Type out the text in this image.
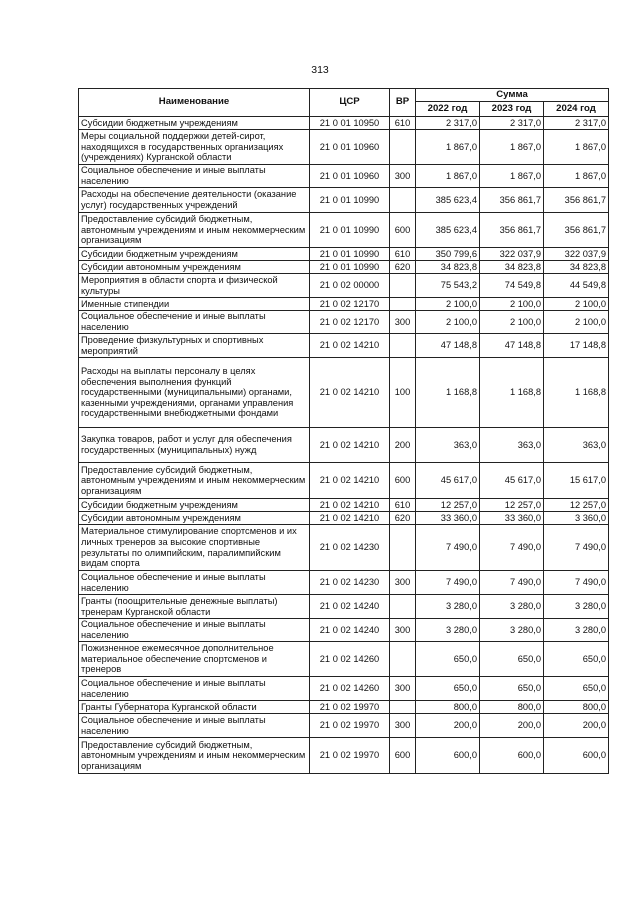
313
Наименование	ЦСР	ВР	Сумма		
			2022 год	2023 год	2024 год
Субсидии бюджетным учреждениям	21 0 01 10950	610	2 317,0	2 317,0	2 317,0
Меры социальной поддержки детей-сирот, находящихся в государственных организациях (учреждениях) Курганской области	21 0 01 10960		1 867,0	1 867,0	1 867,0
Социальное обеспечение и иные выплаты населению	21 0 01 10960	300	1 867,0	1 867,0	1 867,0
Расходы на обеспечение деятельности (оказание услуг) государственных учреждений	21 0 01 10990		385 623,4	356 861,7	356 861,7
Предоставление субсидий бюджетным, автономным учреждениям и иным некоммерческим организациям	21 0 01 10990	600	385 623,4	356 861,7	356 861,7
Субсидии бюджетным учреждениям	21 0 01 10990	610	350 799,6	322 037,9	322 037,9
Субсидии автономным учреждениям	21 0 01 10990	620	34 823,8	34 823,8	34 823,8
Мероприятия в области спорта и физической культуры	21 0 02 00000		75 543,2	74 549,8	44 549,8
Именные стипендии	21 0 02 12170		2 100,0	2 100,0	2 100,0
Социальное обеспечение и иные выплаты населению	21 0 02 12170	300	2 100,0	2 100,0	2 100,0
Проведение физкультурных и спортивных мероприятий	21 0 02 14210		47 148,8	47 148,8	17 148,8
Расходы на выплаты персоналу в целях обеспечения выполнения функций государственными (муниципальными) органами, казенными учреждениями, органами управления государственными внебюджетными фондами	21 0 02 14210	100	1 168,8	1 168,8	1 168,8
Закупка товаров, работ и услуг для обеспечения государственных (муниципальных) нужд	21 0 02 14210	200	363,0	363,0	363,0
Предоставление субсидий бюджетным, автономным учреждениям и иным некоммерческим организациям	21 0 02 14210	600	45 617,0	45 617,0	15 617,0
Субсидии бюджетным учреждениям	21 0 02 14210	610	12 257,0	12 257,0	12 257,0
Субсидии автономным учреждениям	21 0 02 14210	620	33 360,0	33 360,0	3 360,0
Материальное стимулирование спортсменов и их личных тренеров за высокие спортивные результаты по олимпийским, паралимпийским видам спорта	21 0 02 14230		7 490,0	7 490,0	7 490,0
Социальное обеспечение и иные выплаты населению	21 0 02 14230	300	7 490,0	7 490,0	7 490,0
Гранты (поощрительные денежные выплаты) тренерам Курганской области	21 0 02 14240		3 280,0	3 280,0	3 280,0
Социальное обеспечение и иные выплаты населению	21 0 02 14240	300	3 280,0	3 280,0	3 280,0
Пожизненное ежемесячное дополнительное материальное обеспечение спортсменов и тренеров	21 0 02 14260		650,0	650,0	650,0
Социальное обеспечение и иные выплаты населению	21 0 02 14260	300	650,0	650,0	650,0
Гранты Губернатора Курганской области	21 0 02 19970		800,0	800,0	800,0
Социальное обеспечение и иные выплаты населению	21 0 02 19970	300	200,0	200,0	200,0
Предоставление субсидий бюджетным, автономным учреждениям и иным некоммерческим организациям	21 0 02 19970	600	600,0	600,0	600,0
